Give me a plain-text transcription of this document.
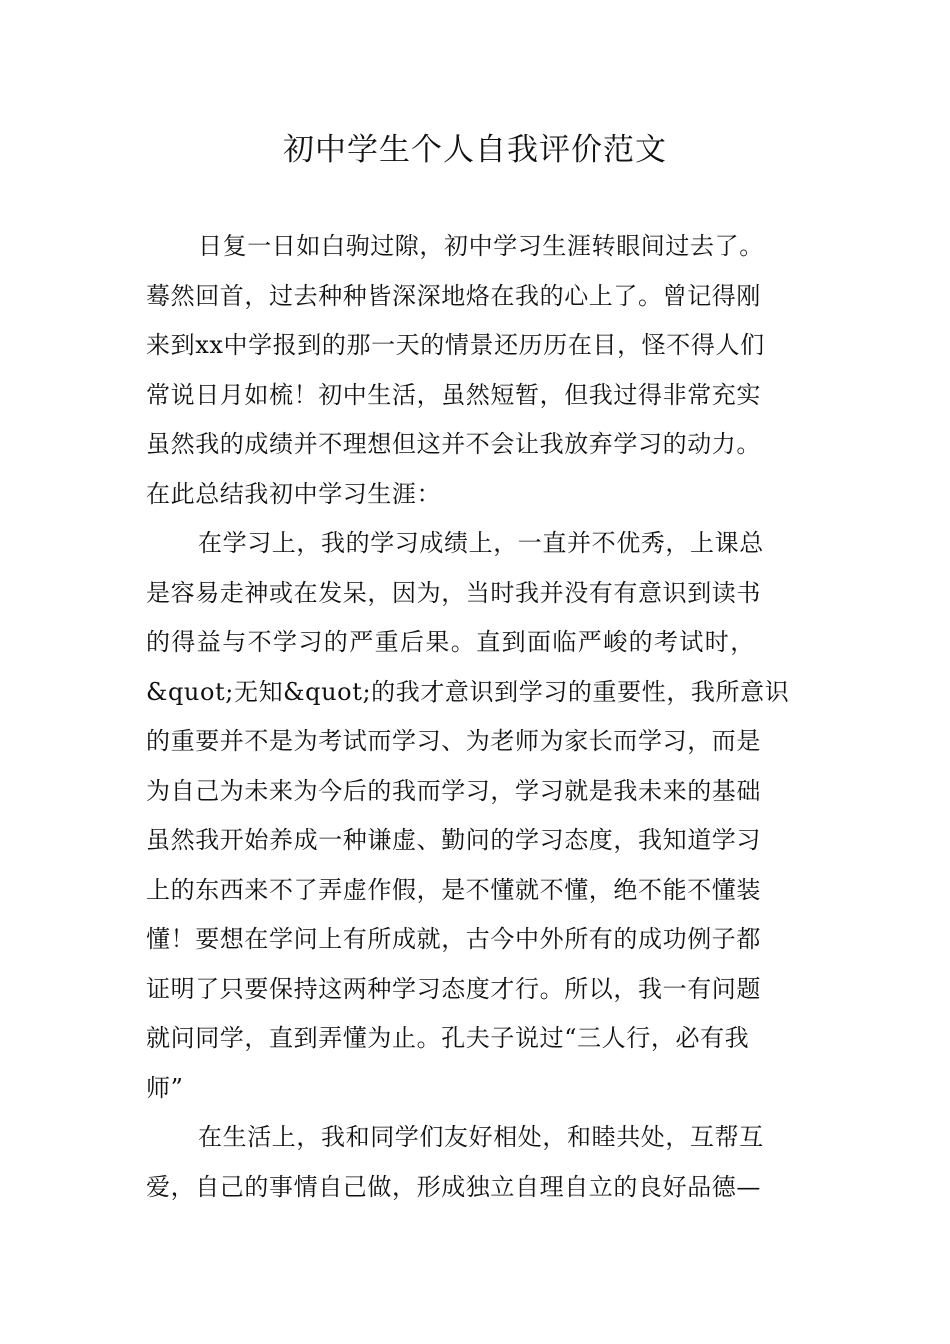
初中学生个人自我评价范文
日复一日如白驹过隙，初中学习生涯转眼间过去了。
蓦然回首，过去种种皆深深地烙在我的心上了。曾记得刚
来到xx中学报到的那一天的情景还历历在目，怪不得人们
常说日月如梳！初中生活，虽然短暂，但我过得非常充实
虽然我的成绩并不理想但这并不会让我放弃学习的动力。
在此总结我初中学习生涯：
在学习上，我的学习成绩上，一直并不优秀，上课总
是容易走神或在发呆，因为，当时我并没有有意识到读书
的得益与不学习的严重后果。直到面临严峻的考试时，
&quot;无知&quot;的我才意识到学习的重要性，我所意识
的重要并不是为考试而学习、为老师为家长而学习，而是
为自己为未来为今后的我而学习，学习就是我未来的基础
虽然我开始养成一种谦虚、勤问的学习态度，我知道学习
上的东西来不了弄虚作假，是不懂就不懂，绝不能不懂装
懂！要想在学问上有所成就，古今中外所有的成功例子都
证明了只要保持这两种学习态度才行。所以，我一有问题
就问同学，直到弄懂为止。孔夫子说过“三人行，必有我
师”
在生活上，我和同学们友好相处，和睦共处，互帮互
爱，自己的事情自己做，形成独立自理自立的良好品德—
